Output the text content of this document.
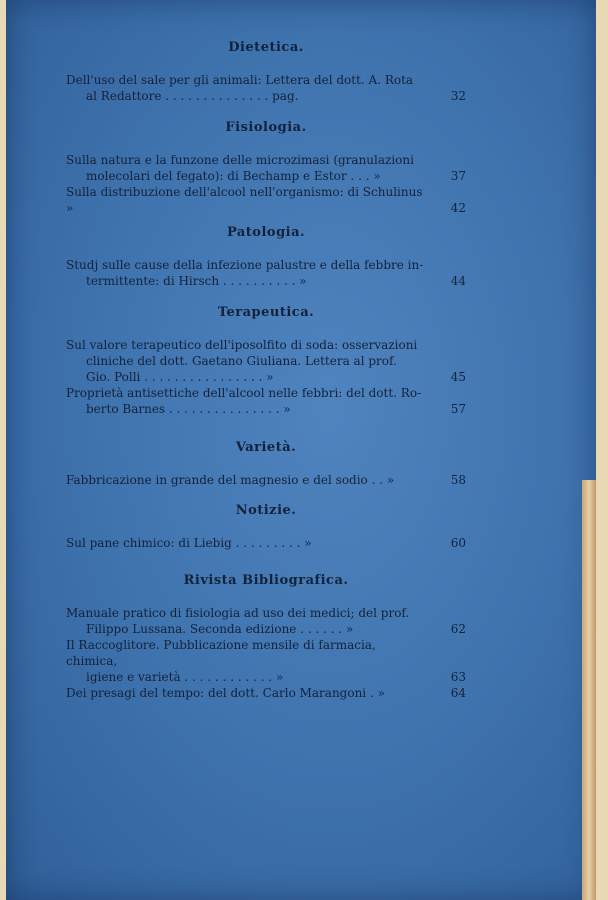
Dietetica.
Dell'uso del sale per gli animali: Lettera del dott. A. Rota
al Redattore . . . . . . . . . . . . . . pag.	32
Fisiologia.
Sulla natura e la funzone delle microzimasi (granulazioni
molecolari del fegato): di Bechamp e Estor . . . »	37
Sulla distribuzione dell'alcool nell'organismo: di Schulinus »	42
Patologia.
Studj sulle cause della infezione palustre e della febbre in-
termittente: di Hirsch . . . . . . . . . . »	44
Terapeutica.
Sul valore terapeutico dell'iposolfito di soda: osservazioni
cliniche del dott. Gaetano Giuliana. Lettera al prof.
Gio. Polli . . . . . . . . . . . . . . . . »	45
Proprietà antisettiche dell'alcool nelle febbri: del dott. Ro-
berto Barnes . . . . . . . . . . . . . . . »	57
Varietà.
Fabbricazione in grande del magnesio e del sodio . . »	58
Notizie.
Sul pane chimico: di Liebig . . . . . . . . . »	60
Rivista Bibliografica.
Manuale pratico di fisiologia ad uso dei medici; del prof.
Filippo Lussana. Seconda edizione . . . . . . »	62
Il Raccoglitore. Pubblicazione mensile di farmacia, chimica,
igiene e varietà . . . . . . . . . . . . »	63
Dei presagi del tempo: del dott. Carlo Marangoni . »	64
